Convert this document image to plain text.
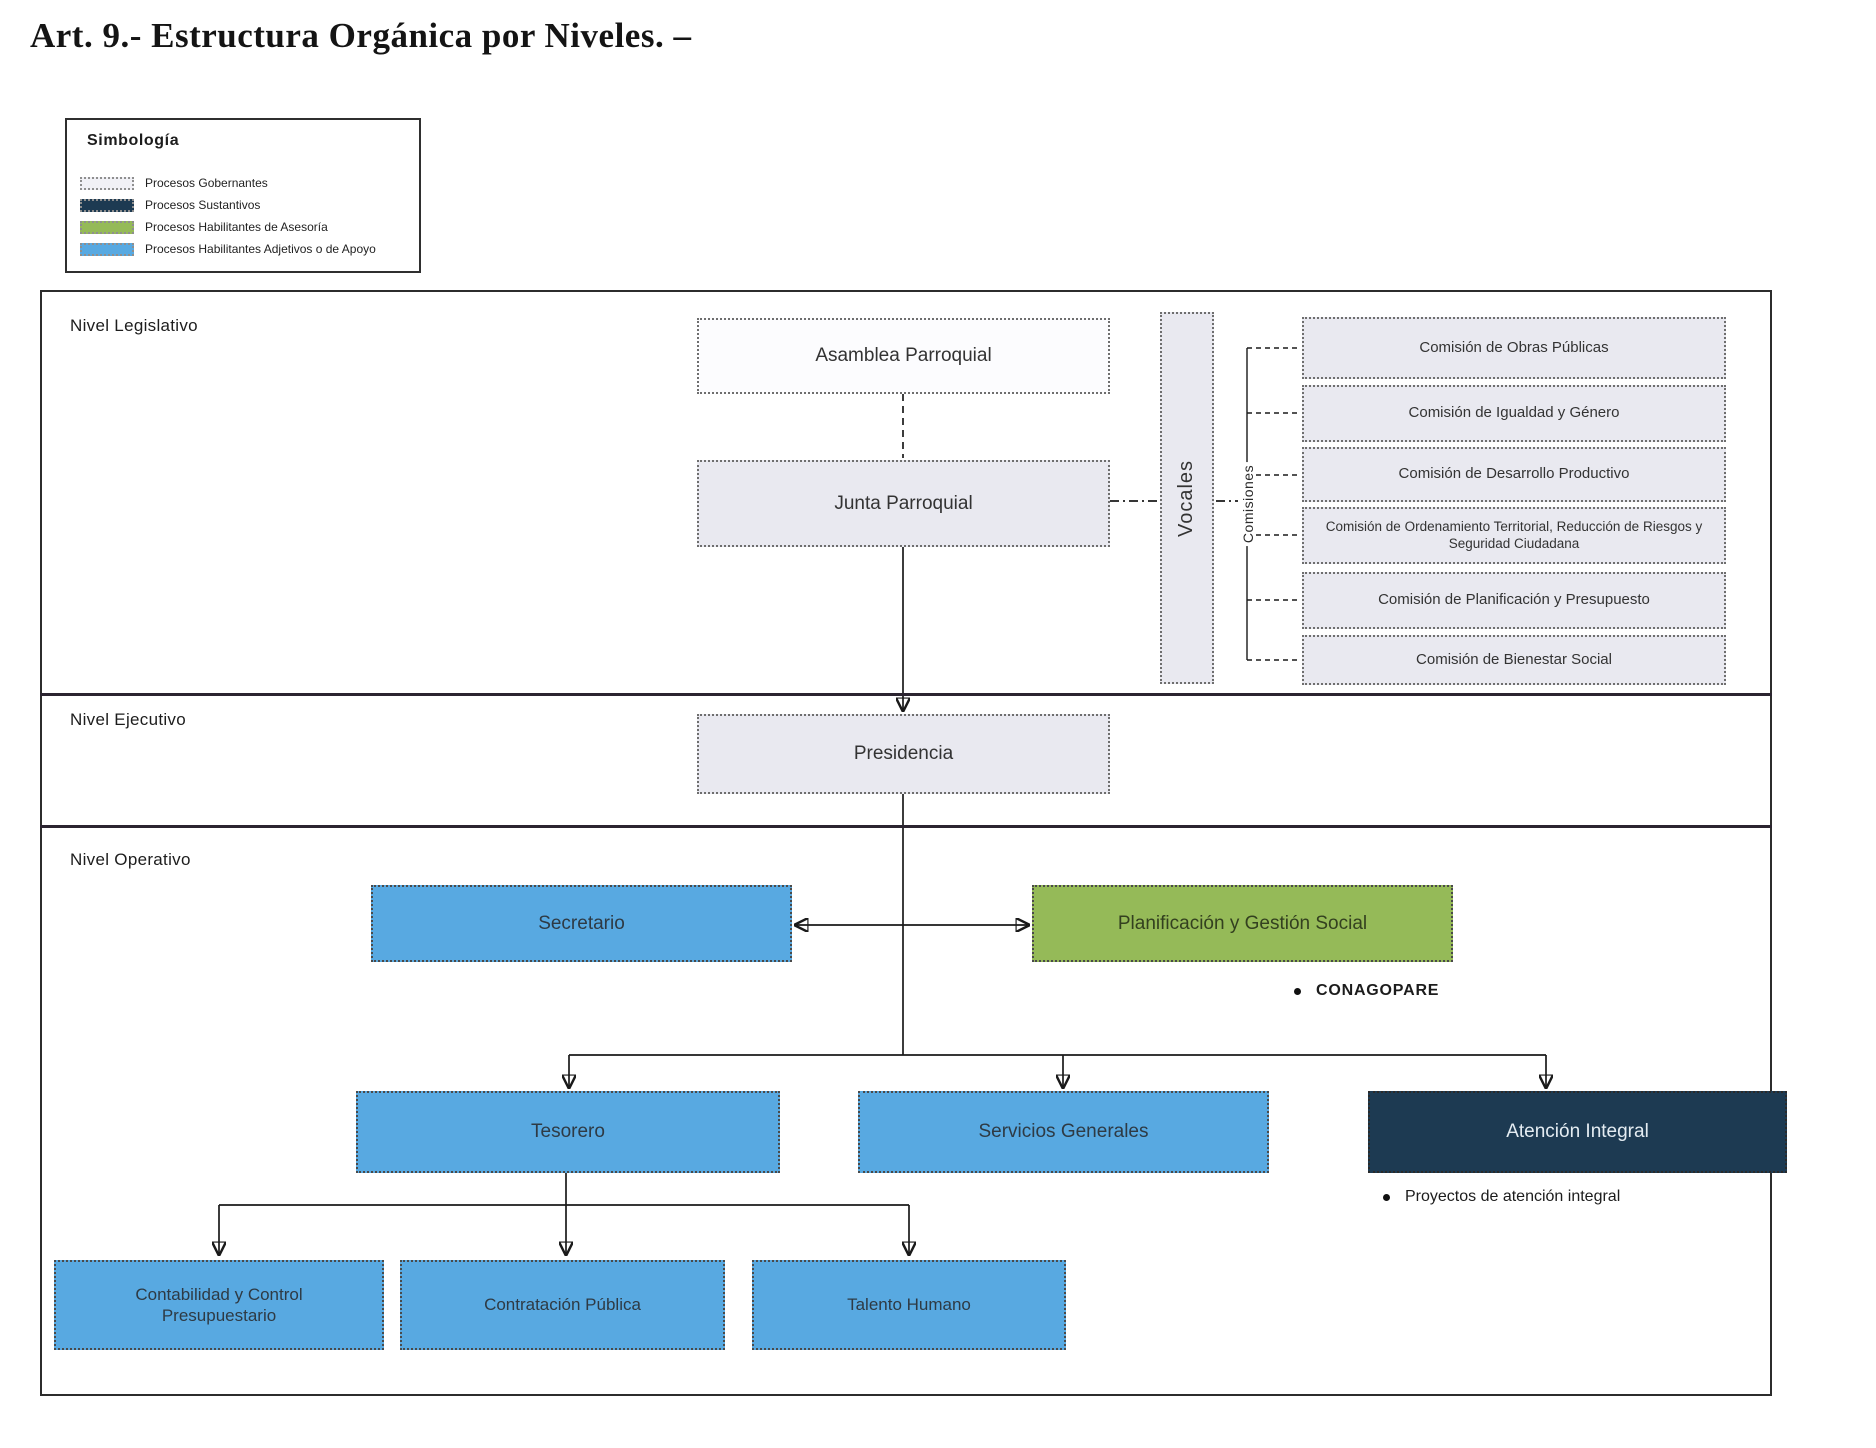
Art. 9.- Estructura Orgánica por Niveles. –
Simbología
Procesos Gobernantes
Procesos Sustantivos
Procesos Habilitantes de Asesoría
Procesos Habilitantes Adjetivos o de Apoyo
Nivel Legislativo
Nivel Ejecutivo
Nivel Operativo
Asamblea Parroquial
Junta Parroquial	Vocales	Comisiones
Comisión de Obras Públicas
Comisión de Igualdad y Género
Comisión de Desarrollo Productivo
Comisión de Ordenamiento Territorial, Reducción de Riesgos y Seguridad Ciudadana
Comisión de Planificación y Presupuesto
Comisión de Bienestar Social
Presidencia
Secretario	Planificación y Gestión Social
CONAGOPARE
Tesorero	Servicios Generales	Atención Integral
Proyectos de atención integral
Contabilidad y Control Presupuestario
Contratación Pública	Talento Humano
